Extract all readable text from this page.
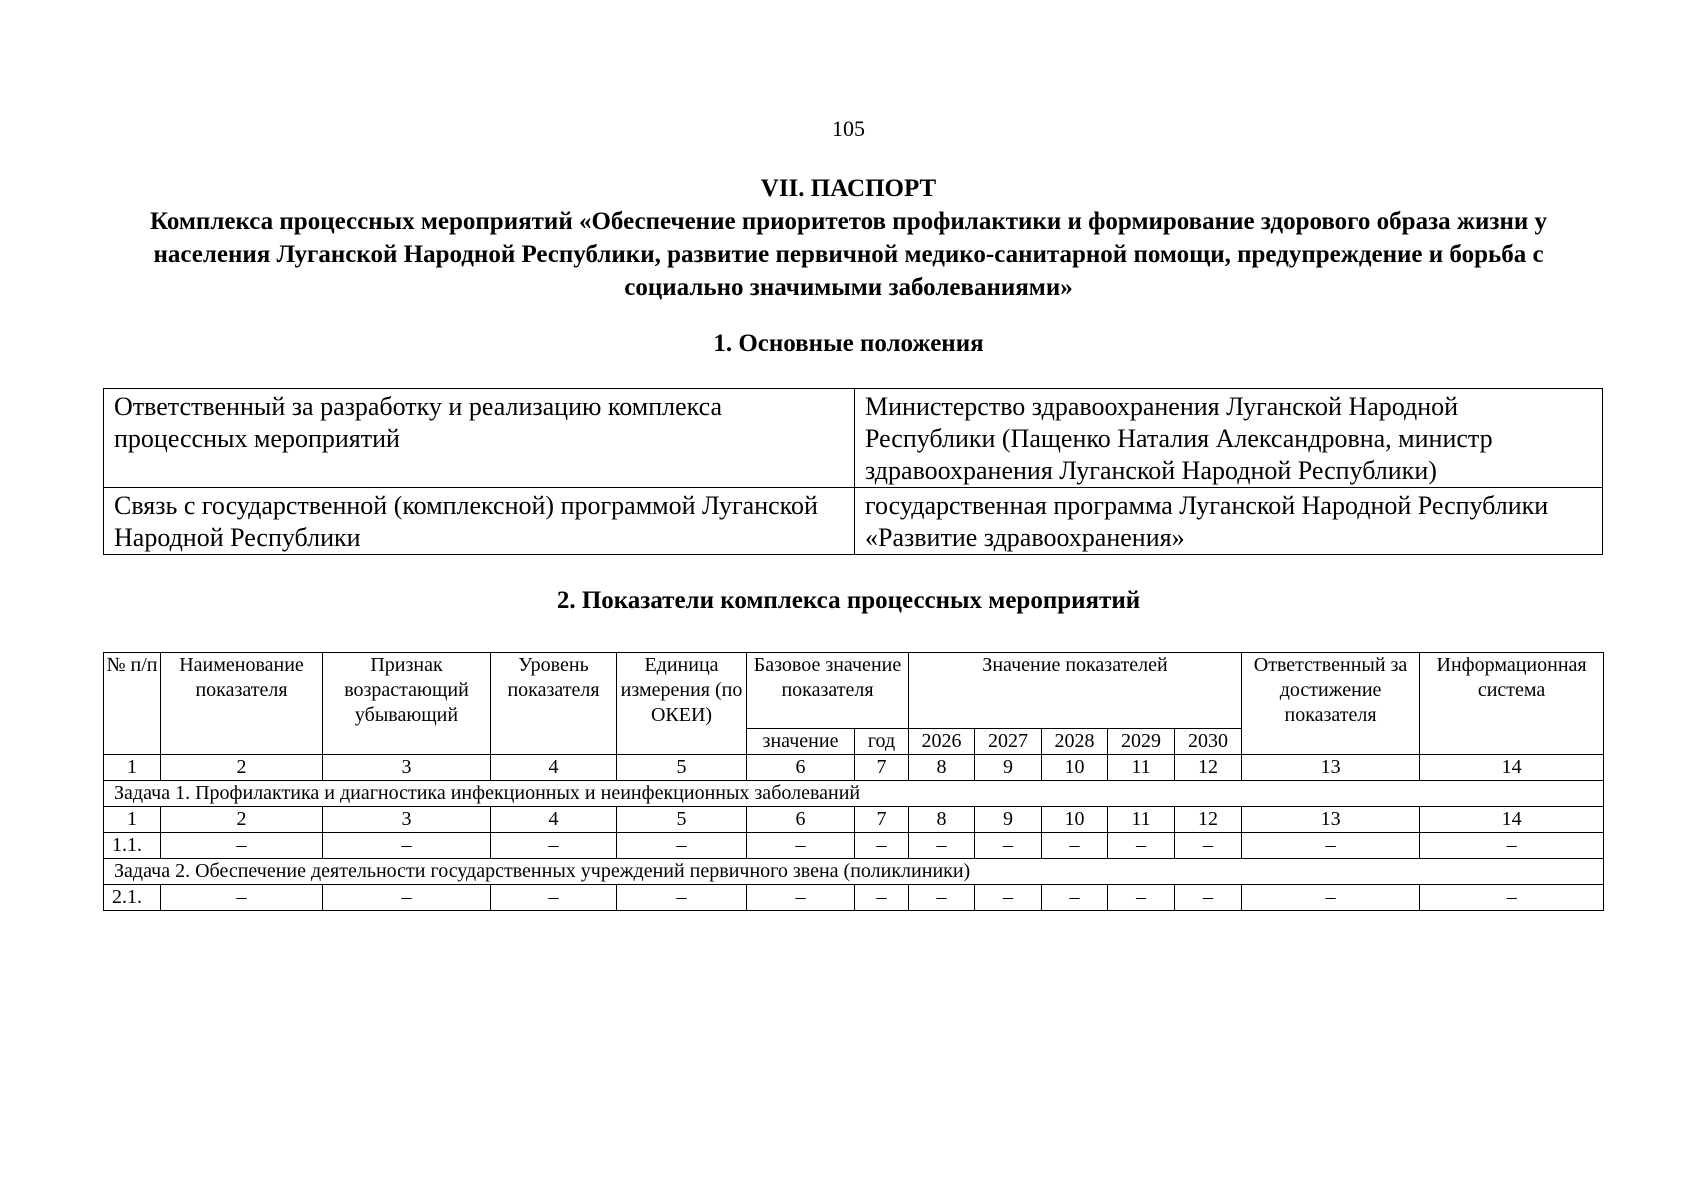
105
VII. ПАСПОРТ
Комплекса процессных мероприятий «Обеспечение приоритетов профилактики и формирование здорового образа жизни у населения Луганской Народной Республики, развитие первичной медико-санитарной помощи, предупреждение и борьба с социально значимыми заболеваниями»
1. Основные положения
Ответственный за разработку и реализацию комплекса процессных мероприятий	Министерство здравоохранения Луганской Народной Республики (Пащенко Наталия Александровна, министр здравоохранения Луганской Народной Республики)
Связь с государственной (комплексной) программой Луганской Народной Республики	государственная программа Луганской Народной Республики «Развитие здравоохранения»
2. Показатели комплекса процессных мероприятий
№ п/п	Наименование показателя	Признак возрастающий убывающий	Уровень показателя	Единица измерения (по ОКЕИ)	Базовое значение показателя		Значение показателей					Ответственный за достижение показателя	Информационная система
					значение	год	2026	2027	2028	2029	2030		
1	2	3	4	5	6	7	8	9	10	11	12	13	14
Задача 1. Профилактика и диагностика инфекционных и неинфекционных заболеваний													
1	2	3	4	5	6	7	8	9	10	11	12	13	14
1.1.	–	–	–	–	–	–	–	–	–	–	–	–	–
Задача 2. Обеспечение деятельности государственных учреждений первичного звена (поликлиники)													
2.1.	–	–	–	–	–	–	–	–	–	–	–	–	–
